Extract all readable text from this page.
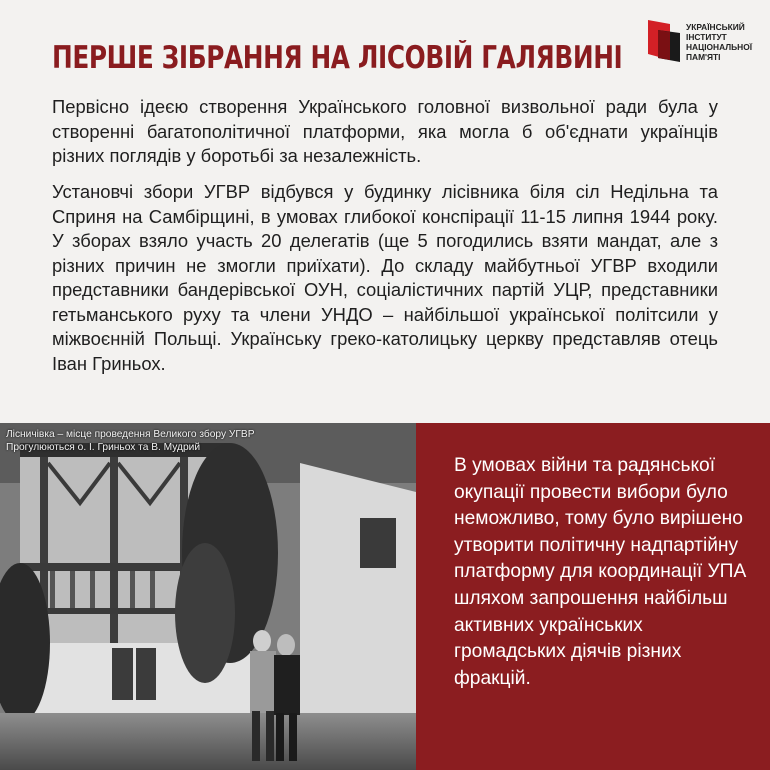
ПЕРШЕ ЗІБРАННЯ НА ЛІСОВІЙ ГАЛЯВИНІ
УКРАЇНСЬКИЙ
ІНСТИТУТ
НАЦІОНАЛЬНОЇ
ПАМ'ЯТІ

Первісно ідеєю створення Українського головної визвольної ради була у створенні багатополітичної платформи, яка могла б об'єднати українців різних поглядів у боротьбі за незалежність.

Установчі збори УГВР відбувся у будинку лісівника біля сіл Недільна та Сприня на Самбірщині, в умовах глибокої конспірації 11-15 липня 1944 року. У зборах взяло участь 20 делегатів (ще 5 погодились взяти мандат, але з різних причин не змогли приїхати). До складу майбутньої УГВР входили представники бандерівської ОУН, соціалістичних партій УЦР, представники гетьманського руху та члени УНДО – найбільшої української політсили у міжвоєнній Польщі. Українську греко-католицьку церкву представляв отець Іван Гриньох.

Лісничівка – місце проведення Великого збору УГВР
Прогулюються о. І. Гриньох та В. Мудрий

В умовах війни та радянської окупації провести вибори було неможливо, тому було вирішено утворити політичну надпартійну платформу для координації УПА шляхом запрошення найбільш активних українських громадських діячів різних фракцій.
